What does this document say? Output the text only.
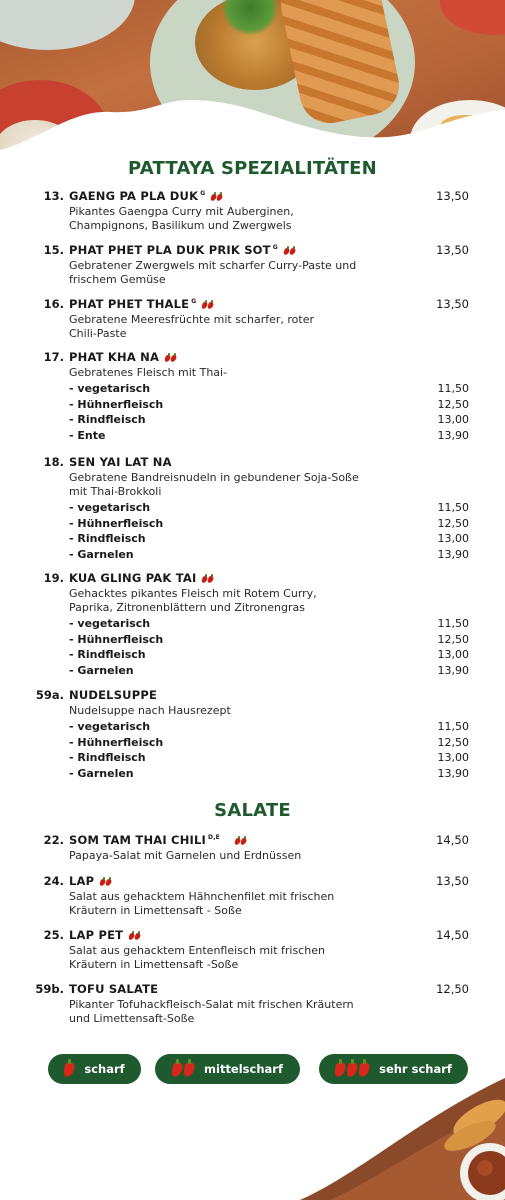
PATTAYA SPEZIALITÄTEN
13. GAENG PA PLA DUK $^G$	13,50
Pikantes Gaengpa Curry mit Auberginen,
Champignons, Basilikum und Zwergwels
15. PHAT PHET PLA DUK PRIK SOT $^G$	13,50
Gebratener Zwergwels mit scharfer Curry-Paste und
frischem Gemüse
16. PHAT PHET THALE $^G$	13,50
Gebratene Meeresfrüchte mit scharfer, roter
Chili-Paste
17. PHAT KHA NA
Gebratenes Fleisch mit Thai-
- vegetarisch	11,50
- Hühnerfleisch	12,50
- Rindfleisch	13,00
- Ente	13,90
18. SEN YAI LAT NA
Gebratene Bandreisnudeln in gebundener Soja-Soße
mit Thai-Brokkoli
- vegetarisch	11,50
- Hühnerfleisch	12,50
- Rindfleisch	13,00
- Garnelen	13,90
19. KUA GLING PAK TAI
Gehacktes pikantes Fleisch mit Rotem Curry,
Paprika, Zitronenblättern und Zitronengras
- vegetarisch	11,50
- Hühnerfleisch	12,50
- Rindfleisch	13,00
- Garnelen	13,90
59a. NUDELSUPPE
Nudelsuppe nach Hausrezept
- vegetarisch	11,50
- Hühnerfleisch	12,50
- Rindfleisch	13,00
- Garnelen	13,90
SALATE
22. SOM TAM THAI CHILI $^{D,E}$	14,50
Papaya-Salat mit Garnelen und Erdnüssen
24. LAP	13,50
Salat aus gehacktem Hähnchenfilet mit frischen
Kräutern in Limettensaft - Soße
25. LAP PET	14,50
Salat aus gehacktem Entenfleisch mit frischen
Kräutern in Limettensaft -Soße
59b. TOFU SALATE	12,50
Pikanter Tofuhackfleisch-Salat mit frischen Kräutern
und Limettensaft-Soße
scharf	mittelscharf	sehr scharf
